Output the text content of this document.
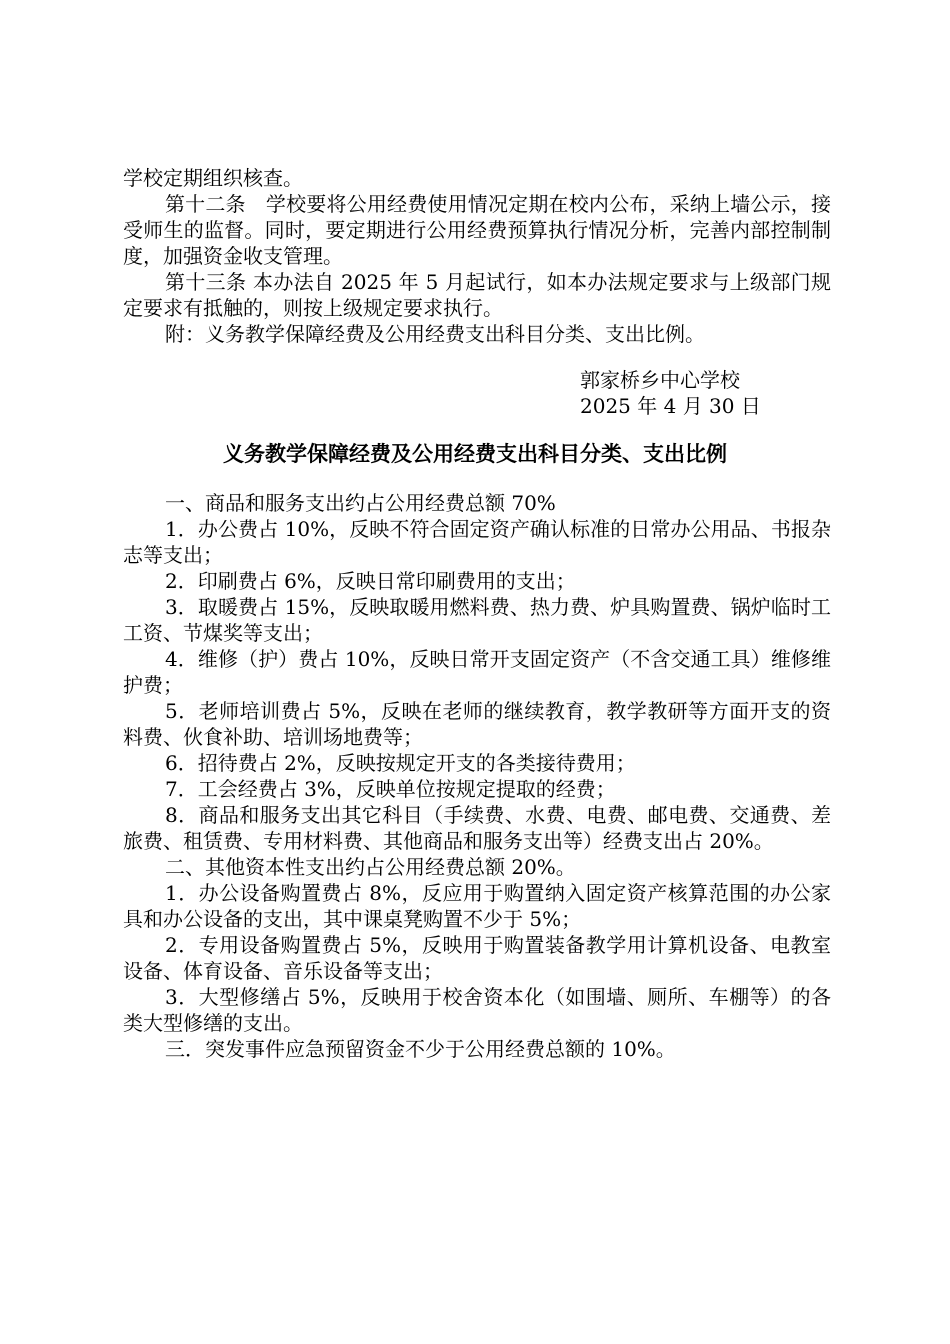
学校定期组织核查。

第十二条　学校要将公用经费使用情况定期在校内公布，采纳上墙公示，接受师生的监督。同时，要定期进行公用经费预算执行情况分析，完善内部控制制度，加强资金收支管理。

第十三条 本办法自 2025 年 5 月起试行，如本办法规定要求与上级部门规定要求有抵触的，则按上级规定要求执行。

附：义务教学保障经费及公用经费支出科目分类、支出比例。

郭家桥乡中心学校
2025 年 4 月 30 日
义务教学保障经费及公用经费支出科目分类、支出比例

一、商品和服务支出约占公用经费总额 70%

1．办公费占 10%，反映不符合固定资产确认标准的日常办公用品、书报杂志等支出；

2．印刷费占 6%，反映日常印刷费用的支出；

3．取暖费占 15%，反映取暖用燃料费、热力费、炉具购置费、锅炉临时工工资、节煤奖等支出；

4．维修（护）费占 10%，反映日常开支固定资产（不含交通工具）维修维护费；

5．老师培训费占 5%，反映在老师的继续教育，教学教研等方面开支的资料费、伙食补助、培训场地费等；

6．招待费占 2%，反映按规定开支的各类接待费用；

7．工会经费占 3%，反映单位按规定提取的经费；

8．商品和服务支出其它科目（手续费、水费、电费、邮电费、交通费、差旅费、租赁费、专用材料费、其他商品和服务支出等）经费支出占 20%。

二、其他资本性支出约占公用经费总额 20%。

1．办公设备购置费占 8%，反应用于购置纳入固定资产核算范围的办公家具和办公设备的支出，其中课桌凳购置不少于 5%；

2．专用设备购置费占 5%，反映用于购置装备教学用计算机设备、电教室设备、体育设备、音乐设备等支出；

3．大型修缮占 5%，反映用于校舍资本化（如围墙、厕所、车棚等）的各类大型修缮的支出。

三．突发事件应急预留资金不少于公用经费总额的 10%。
